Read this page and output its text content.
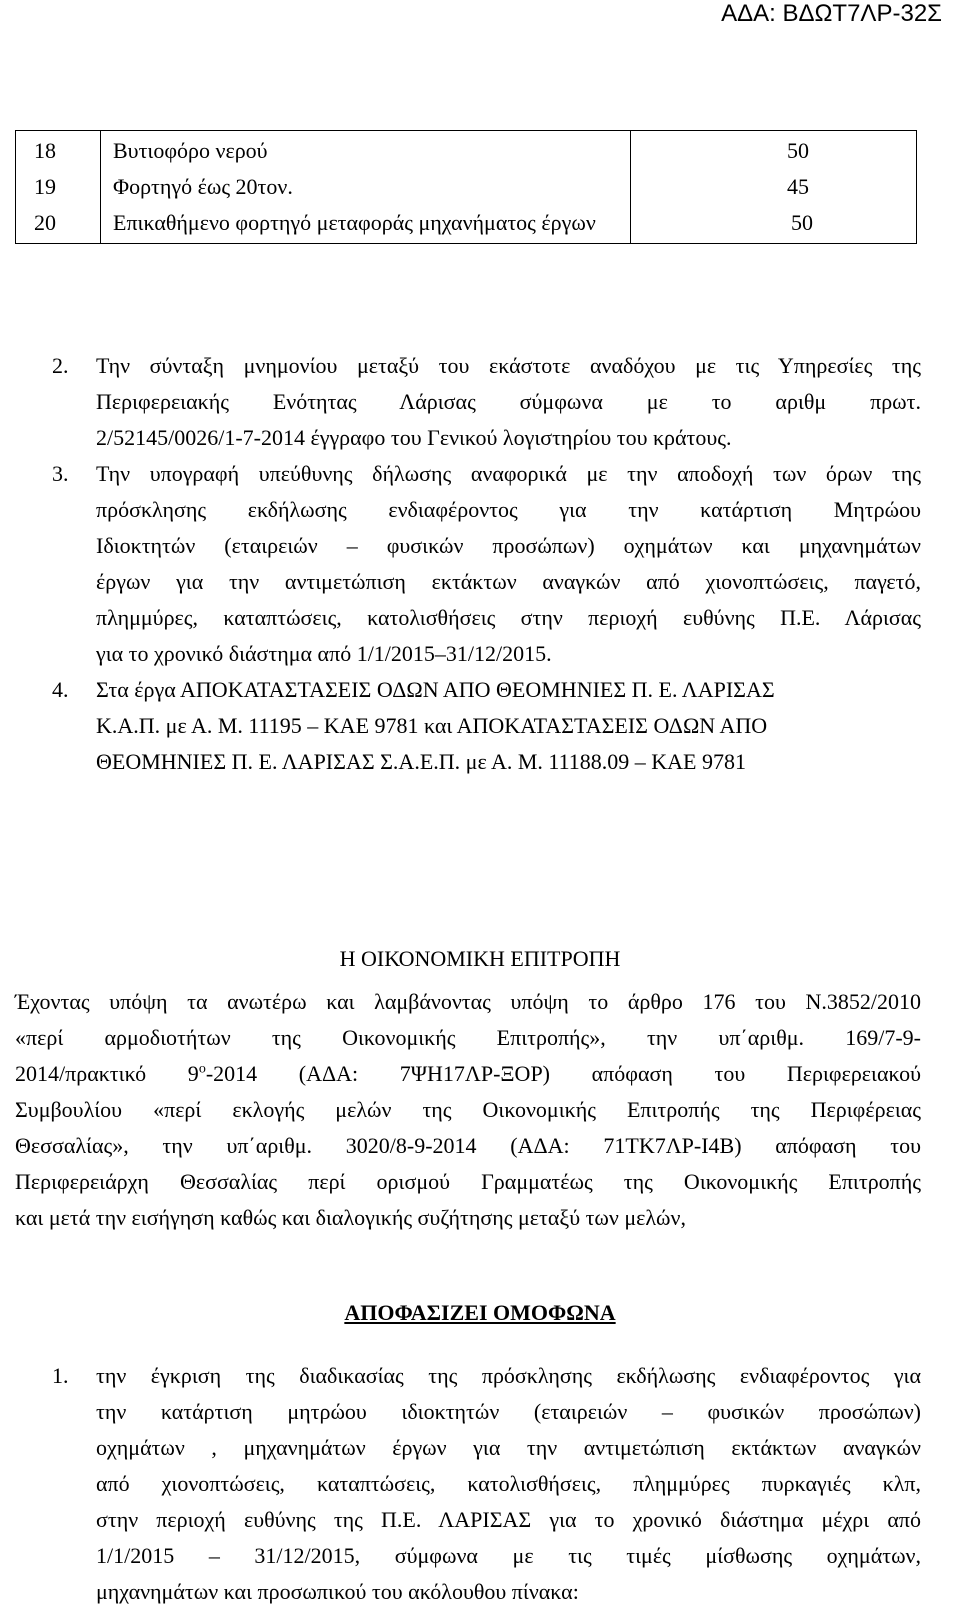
ΑΔΑ: ΒΔΩΤ7ΛΡ-32Σ
18	Βυτιοφόρο νερού	50
19	Φορτηγό έως 20τον.	45
20	Επικαθήμενο φορτηγό μεταφοράς μηχανήματος έργων	50
2. Την σύνταξη μνημονίου μεταξύ του εκάστοτε αναδόχου με τις Υπηρεσίες της
Περιφερειακής Ενότητας Λάρισας σύμφωνα με το αριθμ πρωτ.
2/52145/0026/1-7-2014 έγγραφο του Γενικού λογιστηρίου του κράτους.
3. Την υπογραφή υπεύθυνης δήλωσης αναφορικά με την αποδοχή των όρων της
πρόσκλησης εκδήλωσης ενδιαφέροντος για την κατάρτιση Μητρώου
Ιδιοκτητών (εταιρειών – φυσικών προσώπων) οχημάτων και μηχανημάτων
έργων για την αντιμετώπιση εκτάκτων αναγκών από χιονοπτώσεις, παγετό,
πλημμύρες, καταπτώσεις, κατολισθήσεις στην περιοχή ευθύνης Π.Ε. Λάρισας
για το χρονικό διάστημα από 1/1/2015–31/12/2015.
4. Στα έργα ΑΠΟΚΑΤΑΣΤΑΣΕΙΣ ΟΔΩΝ ΑΠΟ ΘΕΟΜΗΝΙΕΣ Π. Ε. ΛΑΡΙΣΑΣ
Κ.Α.Π. με Α. Μ. 11195 – ΚΑΕ 9781 και ΑΠΟΚΑΤΑΣΤΑΣΕΙΣ ΟΔΩΝ ΑΠΟ
ΘΕΟΜΗΝΙΕΣ Π. Ε. ΛΑΡΙΣΑΣ Σ.Α.Ε.Π. με Α. Μ. 11188.09 – ΚΑΕ 9781
Η ΟΙΚΟΝΟΜΙΚΗ ΕΠΙΤΡΟΠΗ
Έχοντας υπόψη τα ανωτέρω και λαμβάνοντας υπόψη το άρθρο 176 του Ν.3852/2010
«περί αρμοδιοτήτων της Οικονομικής Επιτροπής», την υπ΄αριθμ. 169/7-9-
2014/πρακτικό $9^o-2014$ (ΑΔΑ: 7ΨΗ17ΛΡ-ΞΟΡ) απόφαση του Περιφερειακού
Συμβουλίου «περί εκλογής μελών της Οικονομικής Επιτροπής της Περιφέρειας
Θεσσαλίας», την υπ΄αριθμ. 3020/8-9-2014 (ΑΔΑ: 71ΤΚ7ΛΡ-Ι4Β) απόφαση του
Περιφερειάρχη Θεσσαλίας περί ορισμού Γραμματέως της Οικονομικής Επιτροπής
και μετά την εισήγηση καθώς και διαλογικής συζήτησης μεταξύ των μελών,
ΑΠΟΦΑΣΙΖΕΙ ΟΜΟΦΩΝΑ
1. την έγκριση της διαδικασίας της πρόσκλησης εκδήλωσης ενδιαφέροντος για
την κατάρτιση μητρώου ιδιοκτητών (εταιρειών – φυσικών προσώπων)
οχημάτων , μηχανημάτων έργων για την αντιμετώπιση εκτάκτων αναγκών
από χιονοπτώσεις, καταπτώσεις, κατολισθήσεις, πλημμύρες πυρκαγιές κλπ,
στην περιοχή ευθύνης της Π.Ε. ΛΑΡΙΣΑΣ για το χρονικό διάστημα μέχρι από
1/1/2015 – 31/12/2015, σύμφωνα με τις τιμές μίσθωσης οχημάτων,
μηχανημάτων και προσωπικού του ακόλουθου πίνακα:
